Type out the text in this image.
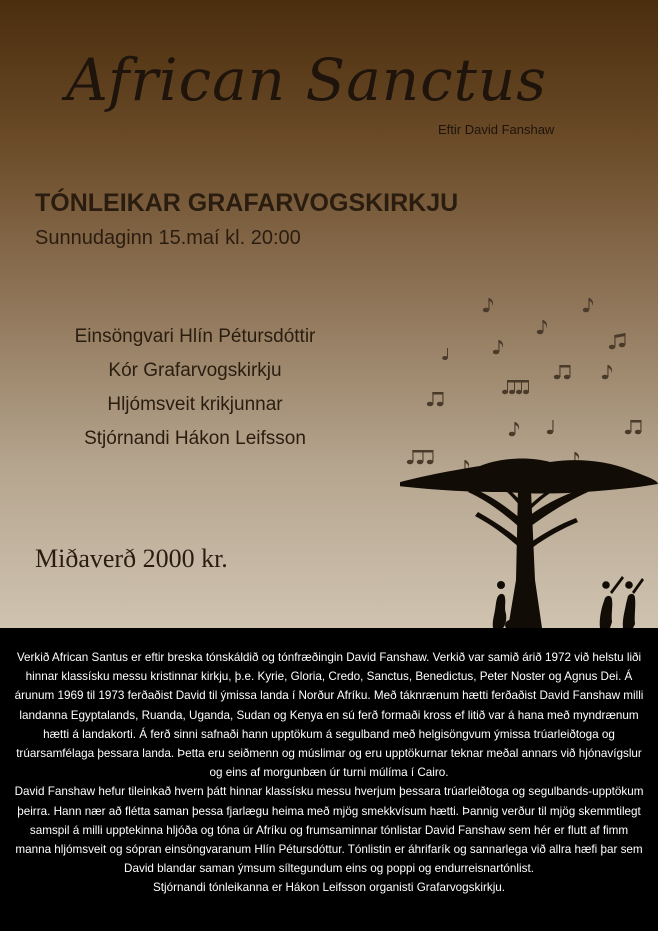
African Sanctus
Eftir David Fanshaw
TÓNLEIKAR GRAFARVOGSKIRKJU
Sunnudaginn 15.maí kl. 20:00
Einsöngvari Hlín Pétursdóttir
Kór Grafarvogskirkju
Hljómsveit krikjunnar
Stjórnandi Hákon Leifsson
Miðaverð 2000 kr.

Verkið African Santus er eftir breska tónskáldið og tónfræðingin David Fanshaw. Verkið var samið árið 1972 við helstu liði hinnar klassísku messu kristinnar kirkju, þ.e. Kyrie, Gloria, Credo, Sanctus, Benedictus, Peter Noster og Agnus Dei. Á árunum 1969 til 1973 ferðaðist David til ýmissa landa í Norður Afríku. Með táknrænum hætti ferðaðist David Fanshaw milli landanna Egyptalands, Ruanda, Uganda, Sudan og Kenya en sú ferð formaði kross ef litið var á hana með myndrænum hætti á landakorti. Á ferð sinni safnaði hann upptökum á segulband með helgisöngvum ýmissa trúarleiðtoga og trúarsamfélaga þessara landa. Þetta eru seiðmenn og múslimar og eru upptökurnar teknar meðal annars við hjónavígslur og eins af morgunbæn úr turni múlíma í Cairo.

David Fanshaw hefur tileinkað hvern þátt hinnar klassísku messu hverjum þessara trúarleiðtoga og segulbands-upptökum þeirra. Hann nær að flétta saman þessa fjarlægu heima með mjög smekkvísum hætti. Þannig verður til mjög skemmtilegt samspil á milli upptekinna hljóða og tóna úr Afríku og frumsaminnar tónlistar David Fanshaw sem hér er flutt af fimm manna hljómsveit og sópran einsöngvaranum Hlín Pétursdóttur. Tónlistin er áhrifarík og sannarlega við allra hæfi þar sem David blandar saman ýmsum síltegundum eins og poppi og endurreisnartónlist.

Stjórnandi tónleikanna er Hákon Leifsson organisti Grafarvogskirkju.
